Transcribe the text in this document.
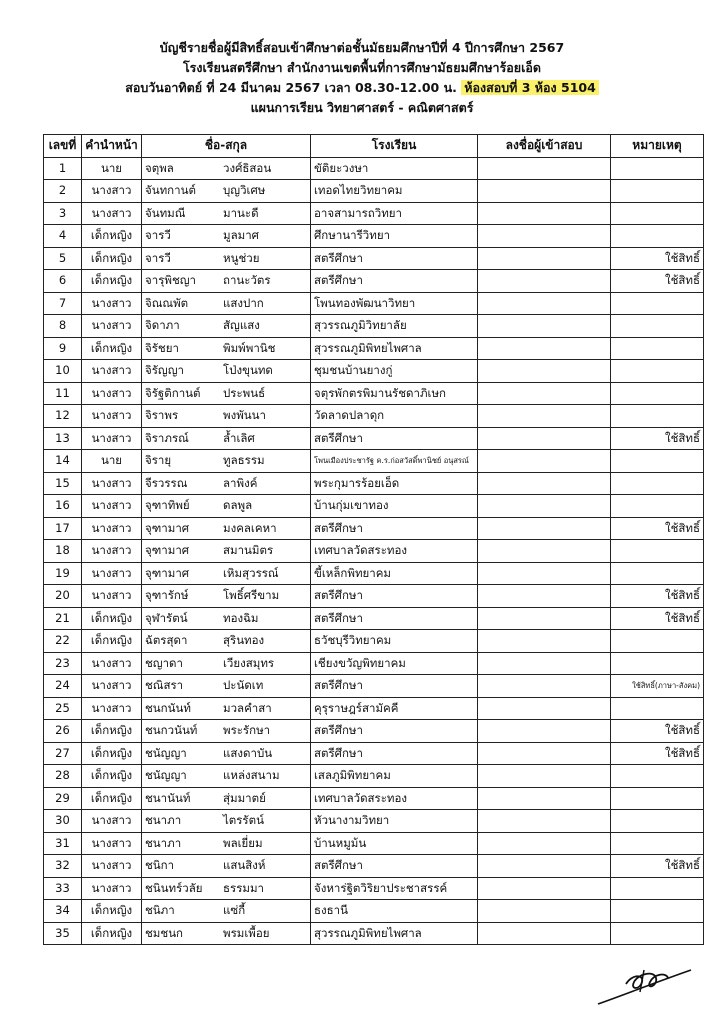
บัญชีรายชื่อผู้มีสิทธิ์สอบเข้าศึกษาต่อชั้นมัธยมศึกษาปีที่ 4 ปีการศึกษา 2567
โรงเรียนสตรีศึกษา สำนักงานเขตพื้นที่การศึกษามัธยมศึกษาร้อยเอ็ด
สอบวันอาทิตย์ ที่ 24 มีนาคม 2567 เวลา 08.30-12.00 น. ห้องสอบที่ 3 ห้อง 5104
แผนการเรียน วิทยาศาสตร์ - คณิตศาสตร์
เลขที่	คำนำหน้า	ชื่อ-สกุล	โรงเรียน	ลงชื่อผู้เข้าสอบ	หมายเหตุ
1	นาย	จตุพล วงศ์ธิสอน	ขัติยะวงษา		
2	นางสาว	จันทกานต์ บุญวิเศษ	เทอดไทยวิทยาคม		
3	นางสาว	จันทมณี มานะดี	อาจสามารถวิทยา		
4	เด็กหญิง	จารวี มูลมาศ	ศึกษานารีวิทยา		
5	เด็กหญิง	จารวี หนูช่วย	สตรีศึกษา		ใช้สิทธิ์
6	เด็กหญิง	จารุพิชญา ถานะวัตร	สตรีศึกษา		ใช้สิทธิ์
7	นางสาว	จิณณพัต แสงปาก	โพนทองพัฒนาวิทยา		
8	นางสาว	จิดาภา สัญแสง	สุวรรณภูมิวิทยาลัย		
9	เด็กหญิง	จิรัชยา พิมพ์พานิช	สุวรรณภูมิพิทยไพศาล		
10	นางสาว	จิรัญญา โป่งขุนทด	ชุมชนบ้านยางกู่		
11	นางสาว	จิรัฐติกานต์ ประพนธ์	จตุรพักตรพิมานรัชดาภิเษก		
12	นางสาว	จิราพร พงพันนา	วัดลาดปลาดุก		
13	นางสาว	จิราภรณ์ ล้ำเลิศ	สตรีศึกษา		ใช้สิทธิ์
14	นาย	จิรายุ ทูลธรรม	โพนเมืองประชารัฐ ค.ร.ก่อสวัสดิ์พานิชย์ อนุสรณ์		
15	นางสาว	จีรวรรณ ลาพิงค์	พระกุมารร้อยเอ็ด		
16	นางสาว	จุฑาทิพย์ ดลพูล	บ้านกุ่มเขาทอง		
17	นางสาว	จุฑามาศ มงคลเคหา	สตรีศึกษา		ใช้สิทธิ์
18	นางสาว	จุฑามาศ สมานมิตร	เทศบาลวัดสระทอง		
19	นางสาว	จุฑามาศ เหิมสุวรรณ์	ขี้เหล็กพิทยาคม		
20	นางสาว	จุฑารักษ์ โพธิ์ศรีขาม	สตรีศึกษา		ใช้สิทธิ์
21	เด็กหญิง	จุฬารัตน์ ทองฉิม	สตรีศึกษา		ใช้สิทธิ์
22	เด็กหญิง	ฉัตรสุดา สุรินทอง	ธวัชบุรีวิทยาคม		
23	นางสาว	ชญาดา เวียงสมุทร	เชียงขวัญพิทยาคม		
24	นางสาว	ชณิสรา ปะนัดเท	สตรีศึกษา		ใช้สิทธิ์(ภาษา-สังคม)
25	นางสาว	ชนกนันท์ มวลคำสา	คุรุราษฎร์สามัคคี		
26	เด็กหญิง	ชนกวนันท์ พระรักษา	สตรีศึกษา		ใช้สิทธิ์
27	เด็กหญิง	ชนัญญา แสงดาบัน	สตรีศึกษา		ใช้สิทธิ์
28	เด็กหญิง	ชนัญญา แหล่งสนาม	เสลภูมิพิทยาคม		
29	เด็กหญิง	ชนานันท์ สุ่มมาตย์	เทศบาลวัดสระทอง		
30	นางสาว	ชนาภา ไตรรัตน์	หัวนางามวิทยา		
31	นางสาว	ชนาภา พลเยี่ยม	บ้านหมูม้น		
32	นางสาว	ชนิกา แสนสิงห์	สตรีศึกษา		ใช้สิทธิ์
33	นางสาว	ชนินทร์วลัย ธรรมมา	จังหาร่ฐิตวิริยาประชาสรรค์		
34	เด็กหญิง	ชนิภา แซ่กี้	ธงธานี		
35	เด็กหญิง	ชมชนก พรมเพื้อย	สุวรรณภูมิพิทยไพศาล		
